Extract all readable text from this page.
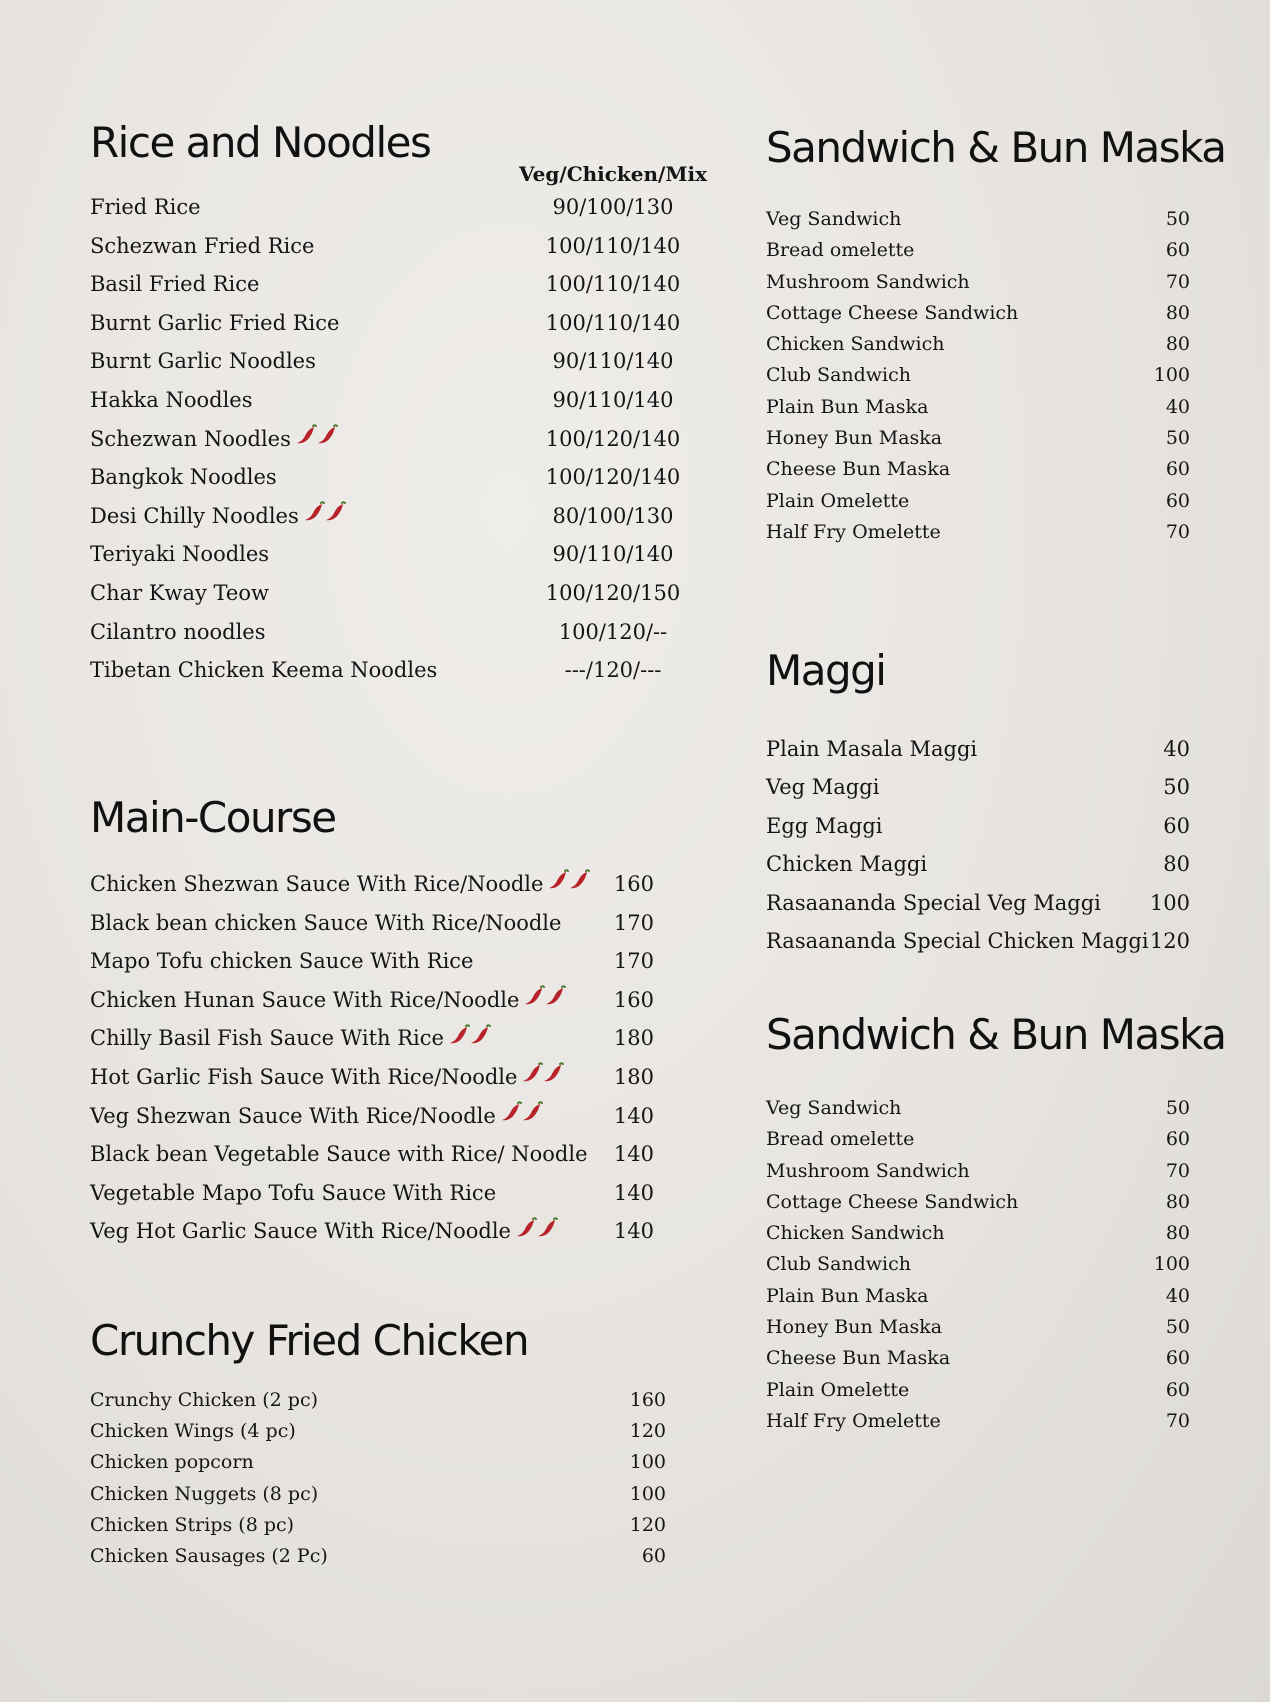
Rice and Noodles
Veg/Chicken/Mix
Fried Rice	90/100/130
Schezwan Fried Rice	100/110/140
Basil Fried Rice	100/110/140
Burnt Garlic Fried Rice	100/110/140
Burnt Garlic Noodles	90/110/140
Hakka Noodles	90/110/140
Schezwan Noodles	100/120/140
Bangkok Noodles	100/120/140
Desi Chilly Noodles	80/100/130
Teriyaki Noodles	90/110/140
Char Kway Teow	100/120/150
Cilantro noodles	100/120/--
Tibetan Chicken Keema Noodles	---/120/---
Main-Course
Chicken Shezwan Sauce With Rice/Noodle	160
Black bean chicken Sauce With Rice/Noodle 170
Mapo Tofu chicken Sauce With Rice	170
Chicken Hunan Sauce With Rice/Noodle	160
Chilly Basil Fish Sauce With Rice	180
Hot Garlic Fish Sauce With Rice/Noodle	180
Veg Shezwan Sauce With Rice/Noodle	140
Black bean Vegetable Sauce with Rice/ Noodle 140
Vegetable Mapo Tofu Sauce With Rice	140
Veg Hot Garlic Sauce With Rice/Noodle	140
Crunchy Fried Chicken
Crunchy Chicken (2 pc)	160
Chicken Wings (4 pc)	120
Chicken popcorn	100
Chicken Nuggets (8 pc)	100
Chicken Strips (8 pc)	120
Chicken Sausages (2 Pc)	60
Sandwich & Bun Maska
Veg Sandwich	50
Bread omelette	60
Mushroom Sandwich	70
Cottage Cheese Sandwich	80
Chicken Sandwich	80
Club Sandwich	100
Plain Bun Maska	40
Honey Bun Maska	50
Cheese Bun Maska	60
Plain Omelette	60
Half Fry Omelette	70
Maggi
Plain Masala Maggi	40
Veg Maggi	50
Egg Maggi	60
Chicken Maggi	80
Rasaananda Special Veg Maggi 100
Rasaananda Special Chicken Maggi 120
Sandwich & Bun Maska
Veg Sandwich	50
Bread omelette	60
Mushroom Sandwich	70
Cottage Cheese Sandwich	80
Chicken Sandwich	80
Club Sandwich	100
Plain Bun Maska	40
Honey Bun Maska	50
Cheese Bun Maska	60
Plain Omelette	60
Half Fry Omelette	70
